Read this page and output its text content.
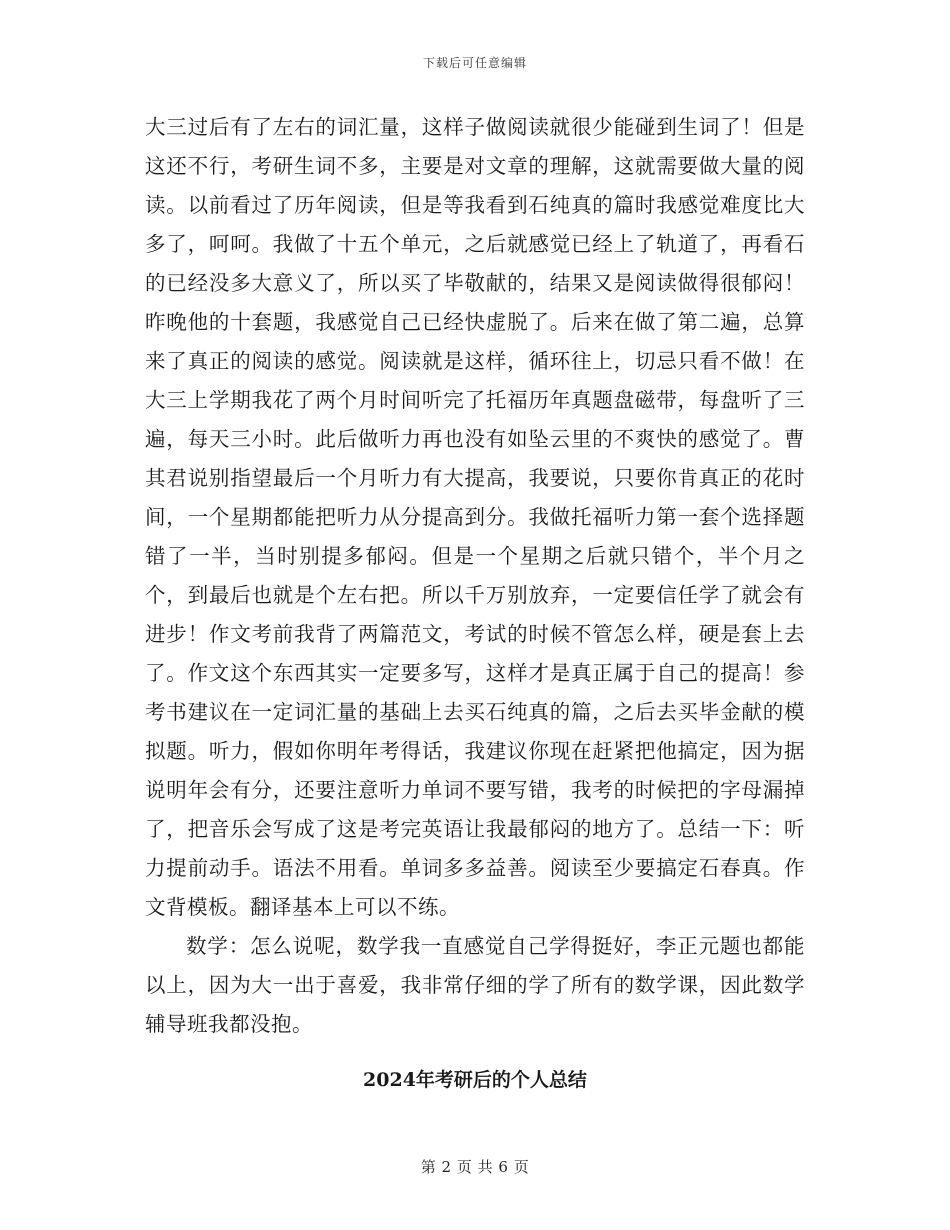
下载后可任意编辑

大三过后有了左右的词汇量，这样子做阅读就很少能碰到生词了！但是这还不行，考研生词不多，主要是对文章的理解，这就需要做大量的阅读。以前看过了历年阅读，但是等我看到石纯真的篇时我感觉难度比大多了，呵呵。我做了十五个单元，之后就感觉已经上了轨道了，再看石的已经没多大意义了，所以买了毕敬献的，结果又是阅读做得很郁闷！昨晚他的十套题，我感觉自己已经快虚脱了。后来在做了第二遍，总算来了真正的阅读的感觉。阅读就是这样，循环往上，切忌只看不做！在大三上学期我花了两个月时间听完了托福历年真题盘磁带，每盘听了三遍，每天三小时。此后做听力再也没有如坠云里的不爽快的感觉了。曹其君说别指望最后一个月听力有大提高，我要说，只要你肯真正的花时间，一个星期都能把听力从分提高到分。我做托福听力第一套个选择题错了一半，当时别提多郁闷。但是一个星期之后就只错个，半个月之个，到最后也就是个左右把。所以千万别放弃，一定要信任学了就会有进步！作文考前我背了两篇范文，考试的时候不管怎么样，硬是套上去了。作文这个东西其实一定要多写，这样才是真正属于自己的提高！参考书建议在一定词汇量的基础上去买石纯真的篇，之后去买毕金献的模拟题。听力，假如你明年考得话，我建议你现在赶紧把他搞定，因为据说明年会有分，还要注意听力单词不要写错，我考的时候把的字母漏掉了，把音乐会写成了这是考完英语让我最郁闷的地方了。总结一下：听力提前动手。语法不用看。单词多多益善。阅读至少要搞定石春真。作文背模板。翻译基本上可以不练。

数学：怎么说呢，数学我一直感觉自己学得挺好，李正元题也都能以上，因为大一出于喜爱，我非常仔细的学了所有的数学课，因此数学辅导班我都没抱。

2024年考研后的个人总结
第 2 页 共 6 页
